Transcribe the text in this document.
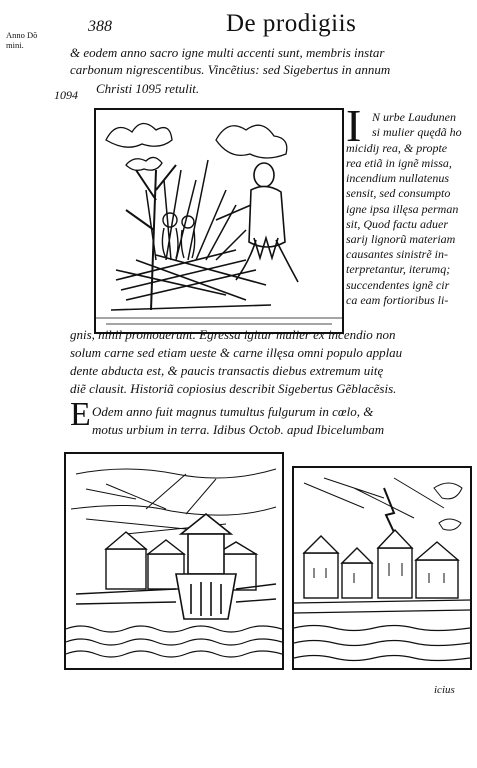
Anno Dõ mini.
388	De prodigiis
& eodem anno sacro igne multi accenti sunt, membris instar
carbonum nigrescentibus. Vincẽtius: sed Sigebertus in annum
1094 Christi 1095 retulit.
I N urbe Laudunen
si mulier quędã ho
micidiȷ rea, & propte
rea etiã in ignẽ missa,
incendium nullatenus
sensit, sed consumpto
igne ipsa illęsa perman
sit, Quod factu aduer
sariȷ lignorũ materiam
causantes sinistrẽ in-
terpretantur, iterumq;
succendentes ignẽ cir
ca eam fortioribus li-
gnis, nihil promouerunt. Egressa igitur mulier ex incendio non
solum carne sed etiam ueste & carne illęsa omni populo applau
dente abducta est, & paucis transactis diebus extremum uitę
diẽ clausit. Historiã copiosius describit Sigebertus Gẽblacẽsis.
E Odem anno fuit magnus tumultus fulgurum in cœlo, &
motus urbium in terra. Idibus Octob. apud Ibicelumbam
icius
